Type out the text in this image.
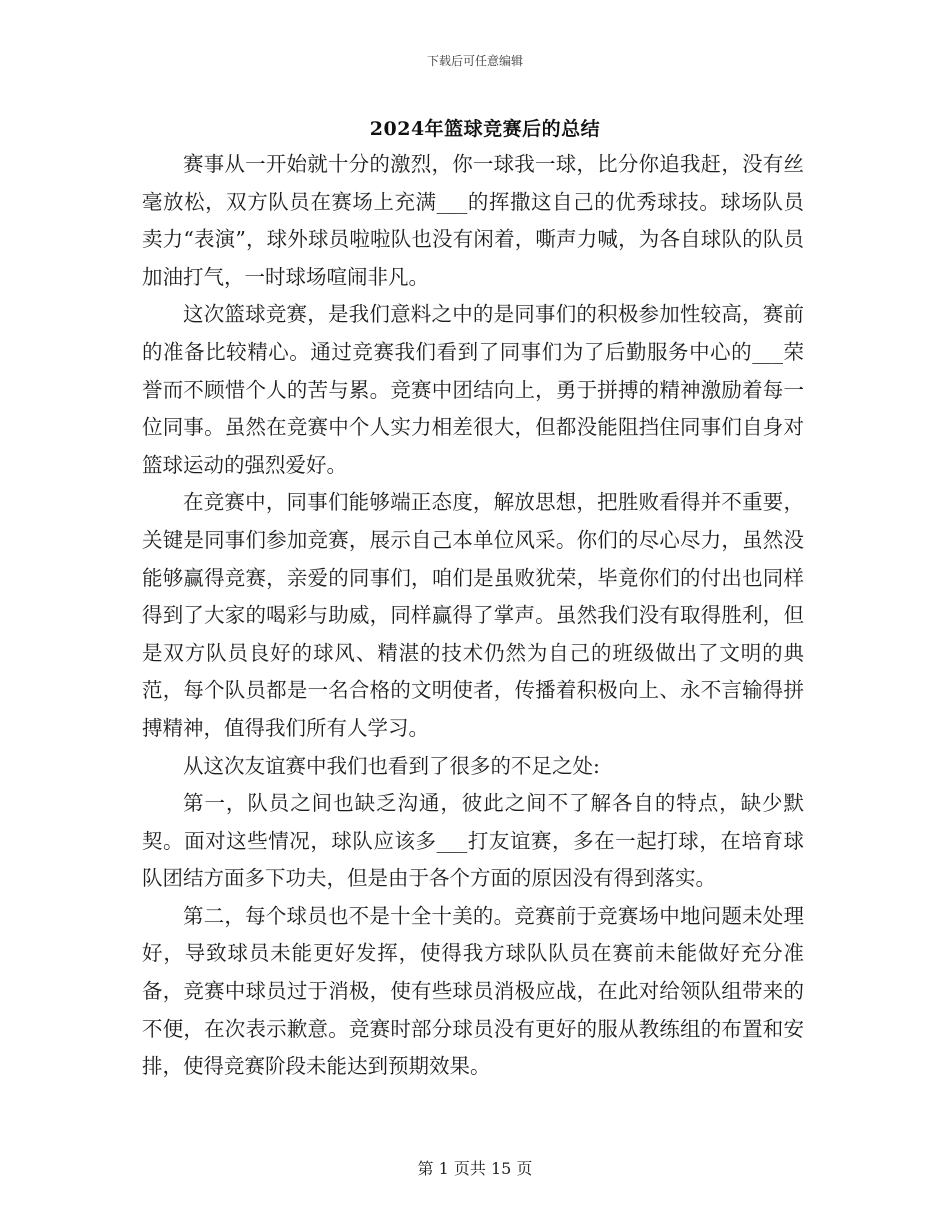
下载后可任意编辑
2024年篮球竞赛后的总结

赛事从一开始就十分的激烈，你一球我一球，比分你追我赶，没有丝毫放松，双方队员在赛场上充满___的挥撒这自己的优秀球技。球场队员卖力“表演”，球外球员啦啦队也没有闲着，嘶声力喊，为各自球队的队员加油打气，一时球场喧闹非凡。

这次篮球竞赛，是我们意料之中的是同事们的积极参加性较高，赛前的准备比较精心。通过竞赛我们看到了同事们为了后勤服务中心的___荣誉而不顾惜个人的苦与累。竞赛中团结向上，勇于拼搏的精神激励着每一位同事。虽然在竞赛中个人实力相差很大，但都没能阻挡住同事们自身对篮球运动的强烈爱好。

在竞赛中，同事们能够端正态度，解放思想，把胜败看得并不重要，关键是同事们参加竞赛，展示自己本单位风采。你们的尽心尽力，虽然没能够赢得竞赛，亲爱的同事们，咱们是虽败犹荣，毕竟你们的付出也同样得到了大家的喝彩与助威，同样赢得了掌声。虽然我们没有取得胜利，但是双方队员良好的球风、精湛的技术仍然为自己的班级做出了文明的典范，每个队员都是一名合格的文明使者，传播着积极向上、永不言输得拼搏精神，值得我们所有人学习。

从这次友谊赛中我们也看到了很多的不足之处:

第一，队员之间也缺乏沟通，彼此之间不了解各自的特点，缺少默契。面对这些情况，球队应该多___打友谊赛，多在一起打球，在培育球队团结方面多下功夫，但是由于各个方面的原因没有得到落实。

第二，每个球员也不是十全十美的。竞赛前于竞赛场中地问题未处理好，导致球员未能更好发挥，使得我方球队队员在赛前未能做好充分准备，竞赛中球员过于消极，使有些球员消极应战，在此对给领队组带来的不便，在次表示歉意。竞赛时部分球员没有更好的服从教练组的布置和安排，使得竞赛阶段未能达到预期效果。

第 1 页共 15 页
